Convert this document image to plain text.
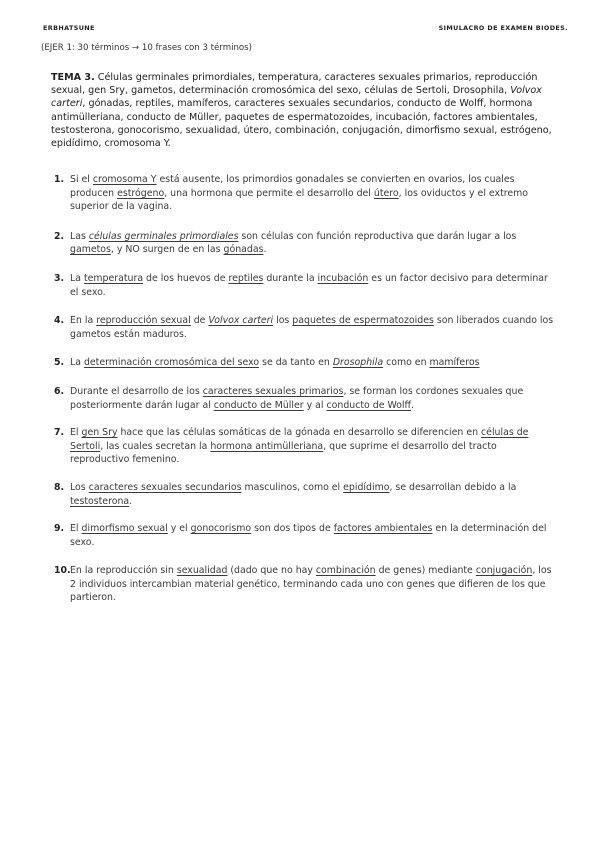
ERBHATSUNE	SIMULACRO DE EXAMEN BIODES.
(EJER 1: 30 términos → 10 frases con 3 términos)
TEMA 3. Células germinales primordiales, temperatura, caracteres sexuales primarios, reproducción sexual, gen Sry, gametos, determinación cromosómica del sexo, células de Sertoli, Drosophila, Volvox carteri, gónadas, reptiles, mamíferos, caracteres sexuales secundarios, conducto de Wolff, hormona antimülleriana, conducto de Müller, paquetes de espermatozoides, incubación, factores ambientales, testosterona, gonocorismo, sexualidad, útero, combinación, conjugación, dimorfismo sexual, estrógeno, epidídimo, cromosoma Y.
1. Si el cromosoma Y está ausente, los primordios gonadales se convierten en ovarios, los cuales producen estrógeno, una hormona que permite el desarrollo del útero, los oviductos y el extremo superior de la vagina.
2. Las células germinales primordiales son células con función reproductiva que darán lugar a los gametos, y NO surgen de en las gónadas.
3. La temperatura de los huevos de reptiles durante la incubación es un factor decisivo para determinar el sexo.
4. En la reproducción sexual de Volvox carteri los paquetes de espermatozoides son liberados cuando los gametos están maduros.
5. La determinación cromosómica del sexo se da tanto en Drosophila como en mamíferos
6. Durante el desarrollo de los caracteres sexuales primarios, se forman los cordones sexuales que posteriormente darán lugar al conducto de Müller y al conducto de Wolff.
7. El gen Sry hace que las células somáticas de la gónada en desarrollo se diferencien en células de Sertoli, las cuales secretan la hormona antimülleriana, que suprime el desarrollo del tracto reproductivo femenino.
8. Los caracteres sexuales secundarios masculinos, como el epidídimo, se desarrollan debido a la testosterona.
9. El dimorfismo sexual y el gonocorismo son dos tipos de factores ambientales en la determinación del sexo.
10. En la reproducción sin sexualidad (dado que no hay combinación de genes) mediante conjugación, los 2 individuos intercambian material genético, terminando cada uno con genes que difieren de los que partieron.
